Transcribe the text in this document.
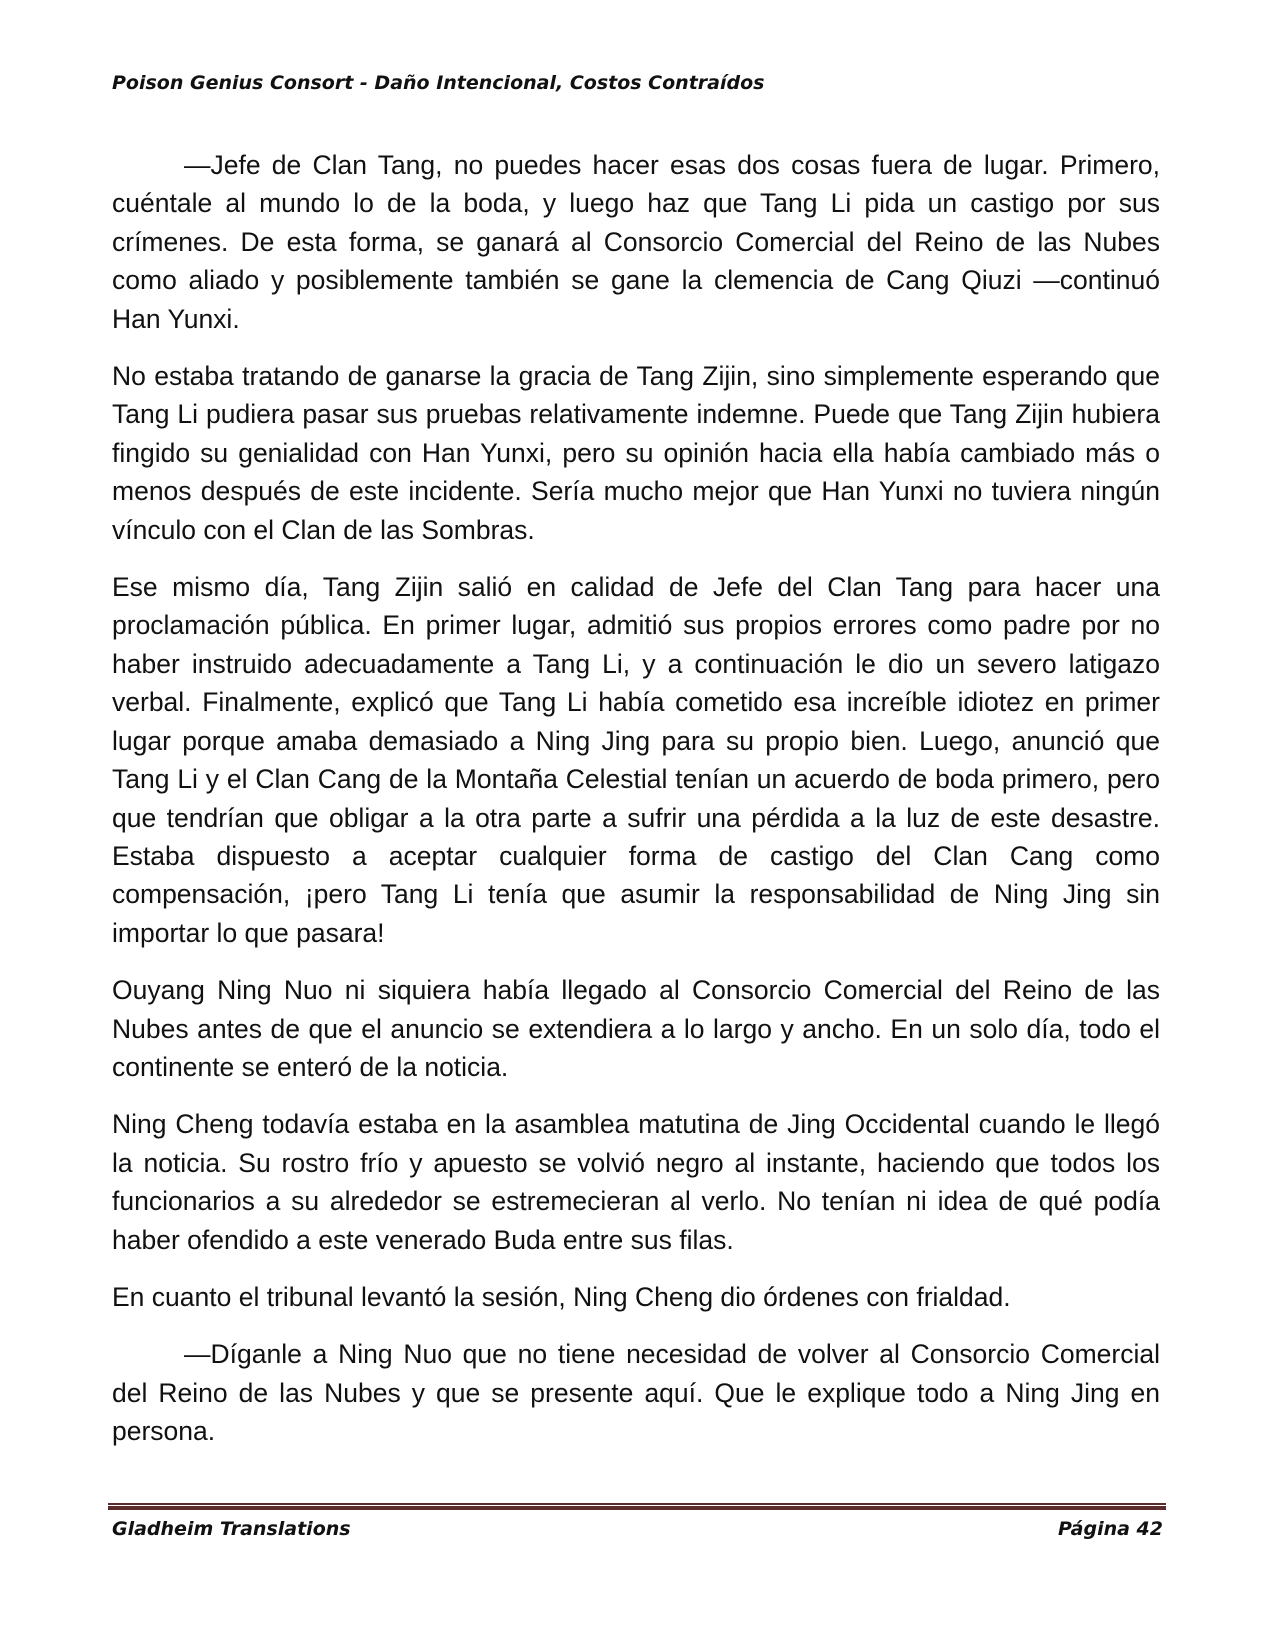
Poison Genius Consort - Daño Intencional, Costos Contraídos

—Jefe de Clan Tang, no puedes hacer esas dos cosas fuera de lugar. Primero, cuéntale al mundo lo de la boda, y luego haz que Tang Li pida un castigo por sus crímenes. De esta forma, se ganará al Consorcio Comercial del Reino de las Nubes como aliado y posiblemente también se gane la clemencia de Cang Qiuzi —continuó Han Yunxi.

No estaba tratando de ganarse la gracia de Tang Zijin, sino simplemente esperando que Tang Li pudiera pasar sus pruebas relativamente indemne. Puede que Tang Zijin hubiera fingido su genialidad con Han Yunxi, pero su opinión hacia ella había cambiado más o menos después de este incidente. Sería mucho mejor que Han Yunxi no tuviera ningún vínculo con el Clan de las Sombras.

Ese mismo día, Tang Zijin salió en calidad de Jefe del Clan Tang para hacer una proclamación pública. En primer lugar, admitió sus propios errores como padre por no haber instruido adecuadamente a Tang Li, y a continuación le dio un severo latigazo verbal. Finalmente, explicó que Tang Li había cometido esa increíble idiotez en primer lugar porque amaba demasiado a Ning Jing para su propio bien. Luego, anunció que Tang Li y el Clan Cang de la Montaña Celestial tenían un acuerdo de boda primero, pero que tendrían que obligar a la otra parte a sufrir una pérdida a la luz de este desastre. Estaba dispuesto a aceptar cualquier forma de castigo del Clan Cang como compensación, ¡pero Tang Li tenía que asumir la responsabilidad de Ning Jing sin importar lo que pasara!

Ouyang Ning Nuo ni siquiera había llegado al Consorcio Comercial del Reino de las Nubes antes de que el anuncio se extendiera a lo largo y ancho. En un solo día, todo el continente se enteró de la noticia.

Ning Cheng todavía estaba en la asamblea matutina de Jing Occidental cuando le llegó la noticia. Su rostro frío y apuesto se volvió negro al instante, haciendo que todos los funcionarios a su alrededor se estremecieran al verlo. No tenían ni idea de qué podía haber ofendido a este venerado Buda entre sus filas.

En cuanto el tribunal levantó la sesión, Ning Cheng dio órdenes con frialdad.

—Díganle a Ning Nuo que no tiene necesidad de volver al Consorcio Comercial del Reino de las Nubes y que se presente aquí. Que le explique todo a Ning Jing en persona.

Gladheim Translations	Página 42
